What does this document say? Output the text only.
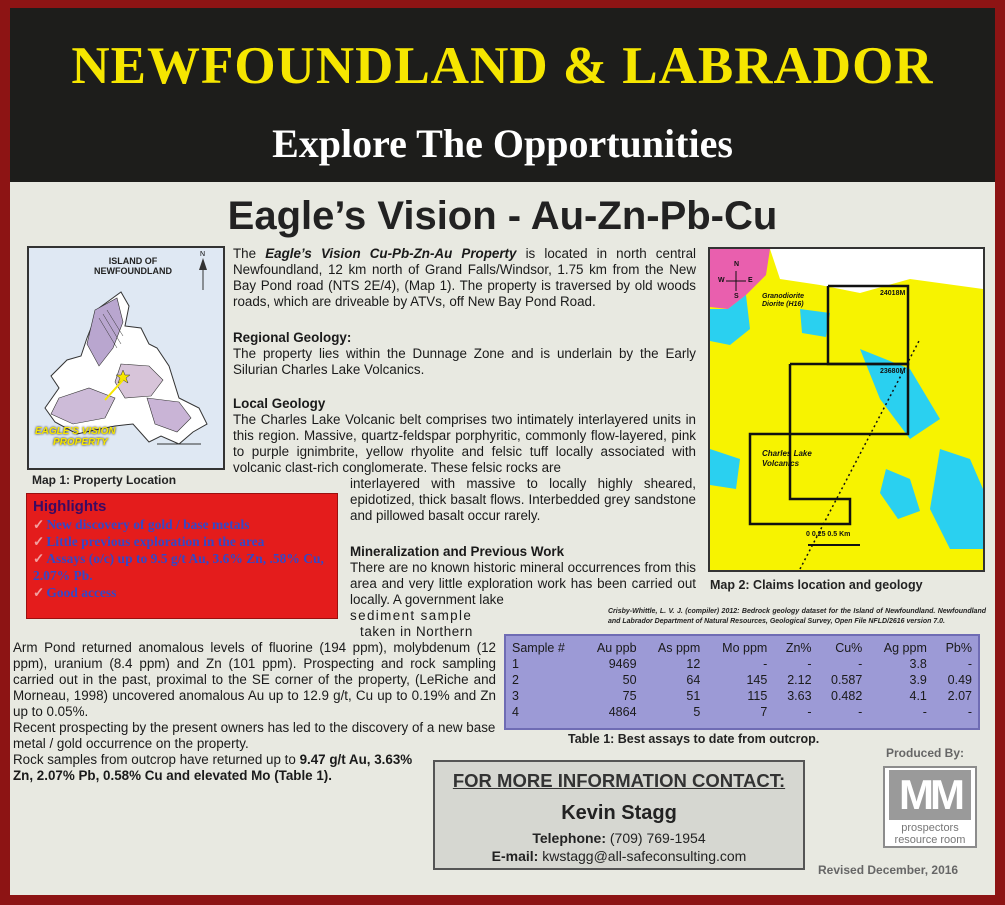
NEWFOUNDLAND & LABRADOR
Explore The Opportunities
Eagle’s Vision - Au-Zn-Pb-Cu
N
ISLAND OF NEWFOUNDLAND
EAGLE’S VISION
PROPERTY
Map 1: Property Location
The Eagle’s Vision Cu-Pb-Zn-Au Property is located in north central Newfoundland, 12 km north of Grand Falls/Windsor, 1.75 km from the New Bay Pond road (NTS 2E/4), (Map 1). The property is traversed by old woods roads, which are driveable by ATVs, off New Bay Pond Road.
Regional Geology:
The property lies within the Dunnage Zone and is underlain by the Early Silurian Charles Lake Volcanics.
Local Geology
The Charles Lake Volcanic belt comprises two intimately interlayered units in this region. Massive, quartz-feldspar porphyritic, commonly flow-layered, pink to purple ignimbrite, yellow rhyolite and felsic tuff locally associated with volcanic clast-rich conglomerate. These felsic rocks are
interlayered with massive to locally highly sheared, epidotized, thick basalt flows. Interbedded grey sandstone and pillowed basalt occur rarely.
Mineralization and Previous Work
There are no known historic mineral occurrences from this area and very little exploration work has been carried out locally. A government lake
sediment sample
taken in Northern
Arm Pond returned anomalous levels of fluorine (194 ppm), molybdenum (12 ppm), uranium (8.4 ppm) and Zn (101 ppm). Prospecting and rock sampling carried out in the past, proximal to the SE corner of the property, (LeRiche and Morneau, 1998) uncovered anomalous Au up to 12.9 g/t, Cu up to 0.19% and Zn up to 0.05%.
Recent prospecting by the present owners has led to the discovery of a new base metal / gold occurrence on the property.
Rock samples from outcrop have returned up to 9.47 g/t Au, 3.63% Zn, 2.07% Pb, 0.58% Cu and elevated Mo (Table 1).
Highlights
✓ New discovery of gold / base metals
✓ Little previous exploration in the area
✓ Assays (o/c) up to 9.5 g/t Au, 3.6% Zn, .58% Cu, 2.07% Pb.
✓ Good access
N
W	E
S	Granodiorite Diorite (H16)
24018M
23680M
Charles Lake Volcanics
0 0.25 0.5 Km
Map 2: Claims location and geology
Crisby-Whittle, L. V. J. (compiler) 2012: Bedrock geology dataset for the Island of Newfoundland. Newfoundland and Labrador Department of Natural Resources, Geological Survey, Open File NFLD/2616 version 7.0.
Sample #	Au ppb	As ppm	Mo ppm	Zn%	Cu%	Ag ppm	Pb%
1	9469	12	-	-	-	3.8	-
2	50	64	145	2.12	0.587	3.9	0.49
3	75	51	115	3.63	0.482	4.1	2.07
4	4864	5	7	-	-	-	-
Table 1: Best assays to date from outcrop.
FOR MORE INFORMATION CONTACT:
Kevin Stagg
Telephone: (709) 769-1954
E-mail: kwstagg@all-safeconsulting.com
Produced By:
MM
prospectors
resource room
Revised December, 2016
